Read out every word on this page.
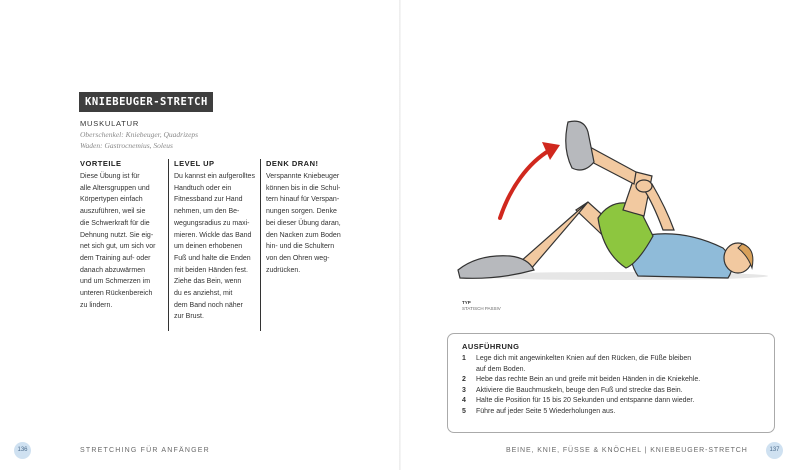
KNIEBEUGER-STRETCH
MUSKULATUR
Oberschenkel: Kniebeuger, Quadrizeps
Waden: Gastrocnemius, Soleus
VORTEILE
Diese Übung ist für
alle Altersgruppen und
Körpertypen einfach
auszuführen, weil sie
die Schwerkraft für die
Dehnung nutzt. Sie eig-
net sich gut, um sich vor
dem Training auf- oder
danach abzuwärmen
und um Schmerzen im
unteren Rückenbereich
zu lindern.
LEVEL UP
Du kannst ein aufgerolltes
Handtuch oder ein
Fitnessband zur Hand
nehmen, um den Be-
wegungsradius zu maxi-
mieren. Wickle das Band
um deinen erhobenen
Fuß und halte die Enden
mit beiden Händen fest.
Ziehe das Bein, wenn
du es anziehst, mit
dem Band noch näher
zur Brust.
DENK DRAN!
Verspannte Kniebeuger
können bis in die Schul-
tern hinauf für Verspan-
nungen sorgen. Denke
bei dieser Übung daran,
den Nacken zum Boden
hin- und die Schultern
von den Ohren weg-
zudrücken.
TYP
STATISCH PASSIV
AUSFÜHRUNG
1	Lege dich mit angewinkelten Knien auf den Rücken, die Füße bleiben
auf dem Boden.
2	Hebe das rechte Bein an und greife mit beiden Händen in die Kniekehle.
3	Aktiviere die Bauchmuskeln, beuge den Fuß und strecke das Bein.
4	Halte die Position für 15 bis 20 Sekunden und entspanne dann wieder.
5	Führe auf jeder Seite 5 Wiederholungen aus.
136	STRETCHING FÜR ANFÄNGER	BEINE, KNIE, FÜSSE & KNÖCHEL | KNIEBEUGER-STRETCH	137
